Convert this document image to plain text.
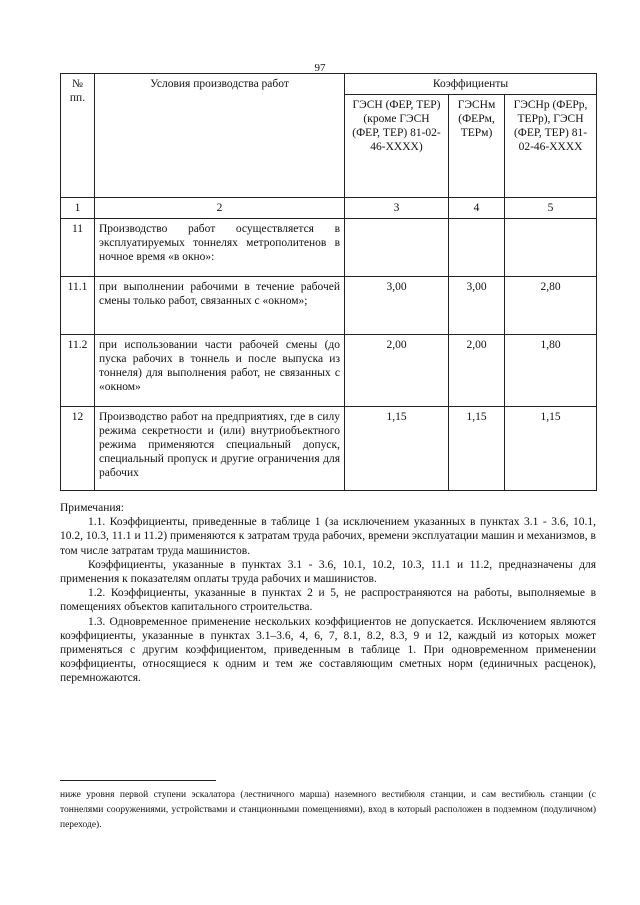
97
№ пп.	Условия производства работ	Коэффициенты		
		ГЭСН (ФЕР, ТЕР) (кроме ГЭСН (ФЕР, ТЕР) 81-02-46-XXXX)	ГЭСНм (ФЕРм, ТЕРм)	ГЭСНр (ФЕРр, ТЕРр), ГЭСН (ФЕР, ТЕР) 81-02-46-XXXX
1	2	3	4	5
11	Производство работ осуществляется в эксплуатируемых тоннелях метрополитенов в ночное время «в окно»:			
11.1	при выполнении рабочими в течение рабочей смены только работ, связанных с «окном»;	3,00	3,00	2,80
11.2	при использовании части рабочей смены (до пуска рабочих в тоннель и после выпуска из тоннеля) для выполнения работ, не связанных с «окном»	2,00	2,00	1,80
12	Производство работ на предприятиях, где в силу режима секретности и (или) внутриобъектного режима применяются специальный допуск, специальный пропуск и другие ограничения для рабочих	1,15	1,15	1,15

Примечания:

1.1. Коэффициенты, приведенные в таблице 1 (за исключением указанных в пунктах 3.1 - 3.6, 10.1, 10.2, 10.3, 11.1 и 11.2) применяются к затратам труда рабочих, времени эксплуатации машин и механизмов, в том числе затратам труда машинистов.

Коэффициенты, указанные в пунктах 3.1 - 3.6, 10.1, 10.2, 10.3, 11.1 и 11.2, предназначены для применения к показателям оплаты труда рабочих и машинистов.

1.2. Коэффициенты, указанные в пунктах 2 и 5, не распространяются на работы, выполняемые в помещениях объектов капитального строительства.

1.3. Одновременное применение нескольких коэффициентов не допускается. Исключением являются коэффициенты, указанные в пунктах 3.1–3.6, 4, 6, 7, 8.1, 8.2, 8.3, 9 и 12, каждый из которых может применяться с другим коэффициентом, приведенным в таблице 1. При одновременном применении коэффициенты, относящиеся к одним и тем же составляющим сметных норм (единичных расценок), перемножаются.

ниже уровня первой ступени эскалатора (лестничного марша) наземного вестибюля станции, и сам вестибюль станции (с тоннелями сооружениями, устройствами и станционными помещениями), вход в который расположен в подземном (подуличном) переходе).
